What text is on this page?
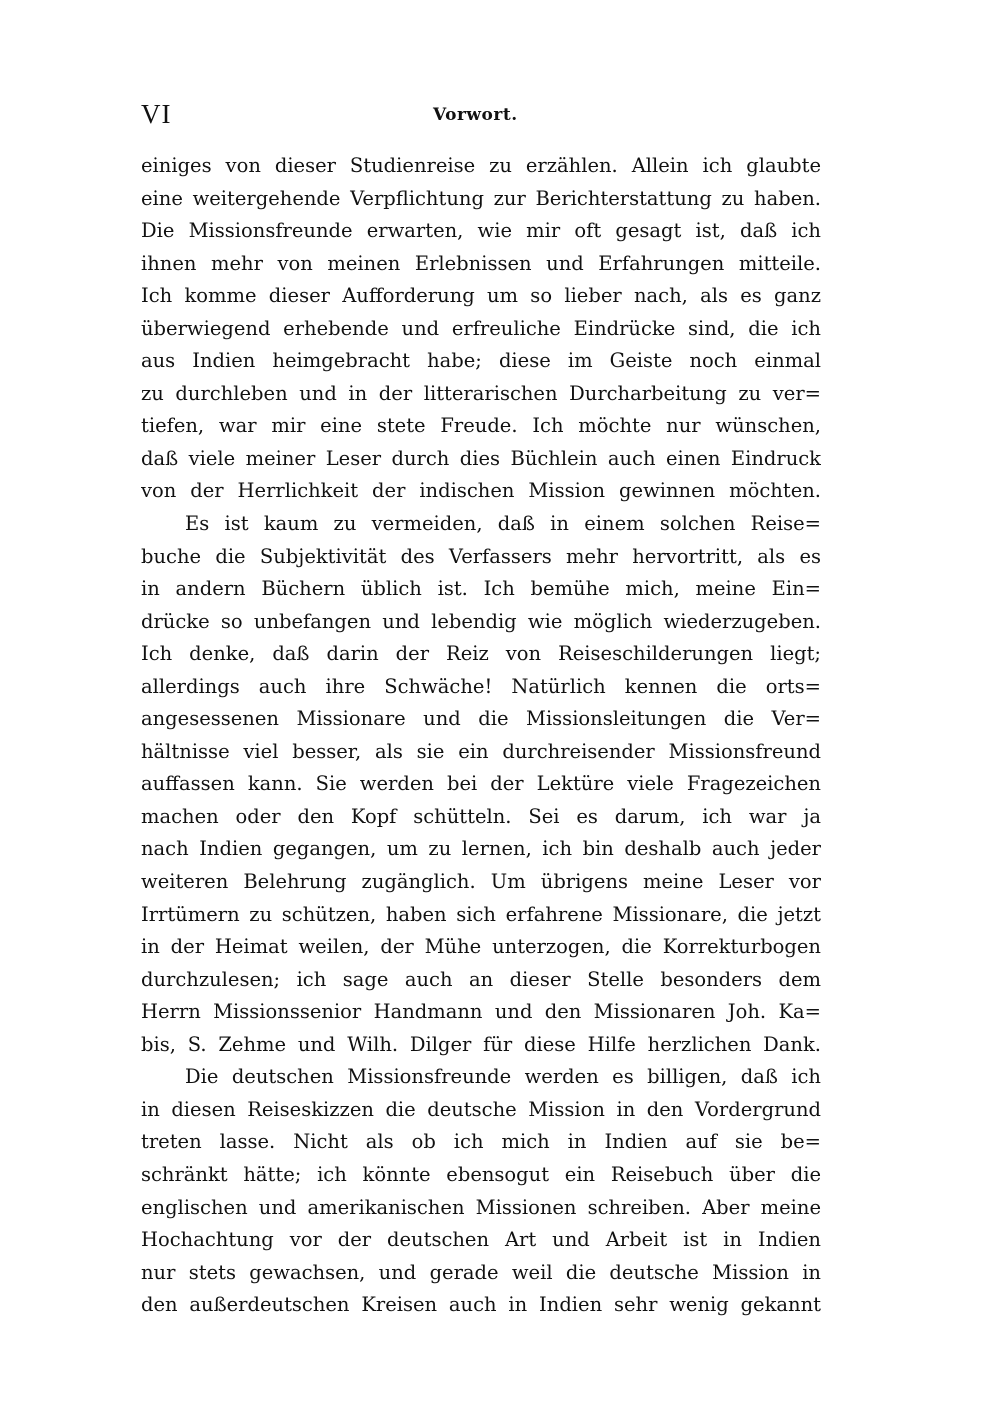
VI	Vorwort.
einiges von dieser Studienreise zu erzählen. Allein ich glaubte
eine weitergehende Verpflichtung zur Berichterstattung zu haben.
Die Missionsfreunde erwarten, wie mir oft gesagt ist, daß ich
ihnen mehr von meinen Erlebnissen und Erfahrungen mitteile.
Ich komme dieser Aufforderung um so lieber nach, als es ganz
überwiegend erhebende und erfreuliche Eindrücke sind, die ich
aus Indien heimgebracht habe; diese im Geiste noch einmal
zu durchleben und in der litterarischen Durcharbeitung zu ver=
tiefen, war mir eine stete Freude. Ich möchte nur wünschen,
daß viele meiner Leser durch dies Büchlein auch einen Eindruck
von der Herrlichkeit der indischen Mission gewinnen möchten.
Es ist kaum zu vermeiden, daß in einem solchen Reise=
buche die Subjektivität des Verfassers mehr hervortritt, als es
in andern Büchern üblich ist. Ich bemühe mich, meine Ein=
drücke so unbefangen und lebendig wie möglich wiederzugeben.
Ich denke, daß darin der Reiz von Reiseschilderungen liegt;
allerdings auch ihre Schwäche! Natürlich kennen die orts=
angesessenen Missionare und die Missionsleitungen die Ver=
hältnisse viel besser, als sie ein durchreisender Missionsfreund
auffassen kann. Sie werden bei der Lektüre viele Fragezeichen
machen oder den Kopf schütteln. Sei es darum, ich war ja
nach Indien gegangen, um zu lernen, ich bin deshalb auch jeder
weiteren Belehrung zugänglich. Um übrigens meine Leser vor
Irrtümern zu schützen, haben sich erfahrene Missionare, die jetzt
in der Heimat weilen, der Mühe unterzogen, die Korrekturbogen
durchzulesen; ich sage auch an dieser Stelle besonders dem
Herrn Missionssenior Handmann und den Missionaren Joh. Ka=
bis, S. Zehme und Wilh. Dilger für diese Hilfe herzlichen Dank.
Die deutschen Missionsfreunde werden es billigen, daß ich
in diesen Reiseskizzen die deutsche Mission in den Vordergrund
treten lasse. Nicht als ob ich mich in Indien auf sie be=
schränkt hätte; ich könnte ebensogut ein Reisebuch über die
englischen und amerikanischen Missionen schreiben. Aber meine
Hochachtung vor der deutschen Art und Arbeit ist in Indien
nur stets gewachsen, und gerade weil die deutsche Mission in
den außerdeutschen Kreisen auch in Indien sehr wenig gekannt
